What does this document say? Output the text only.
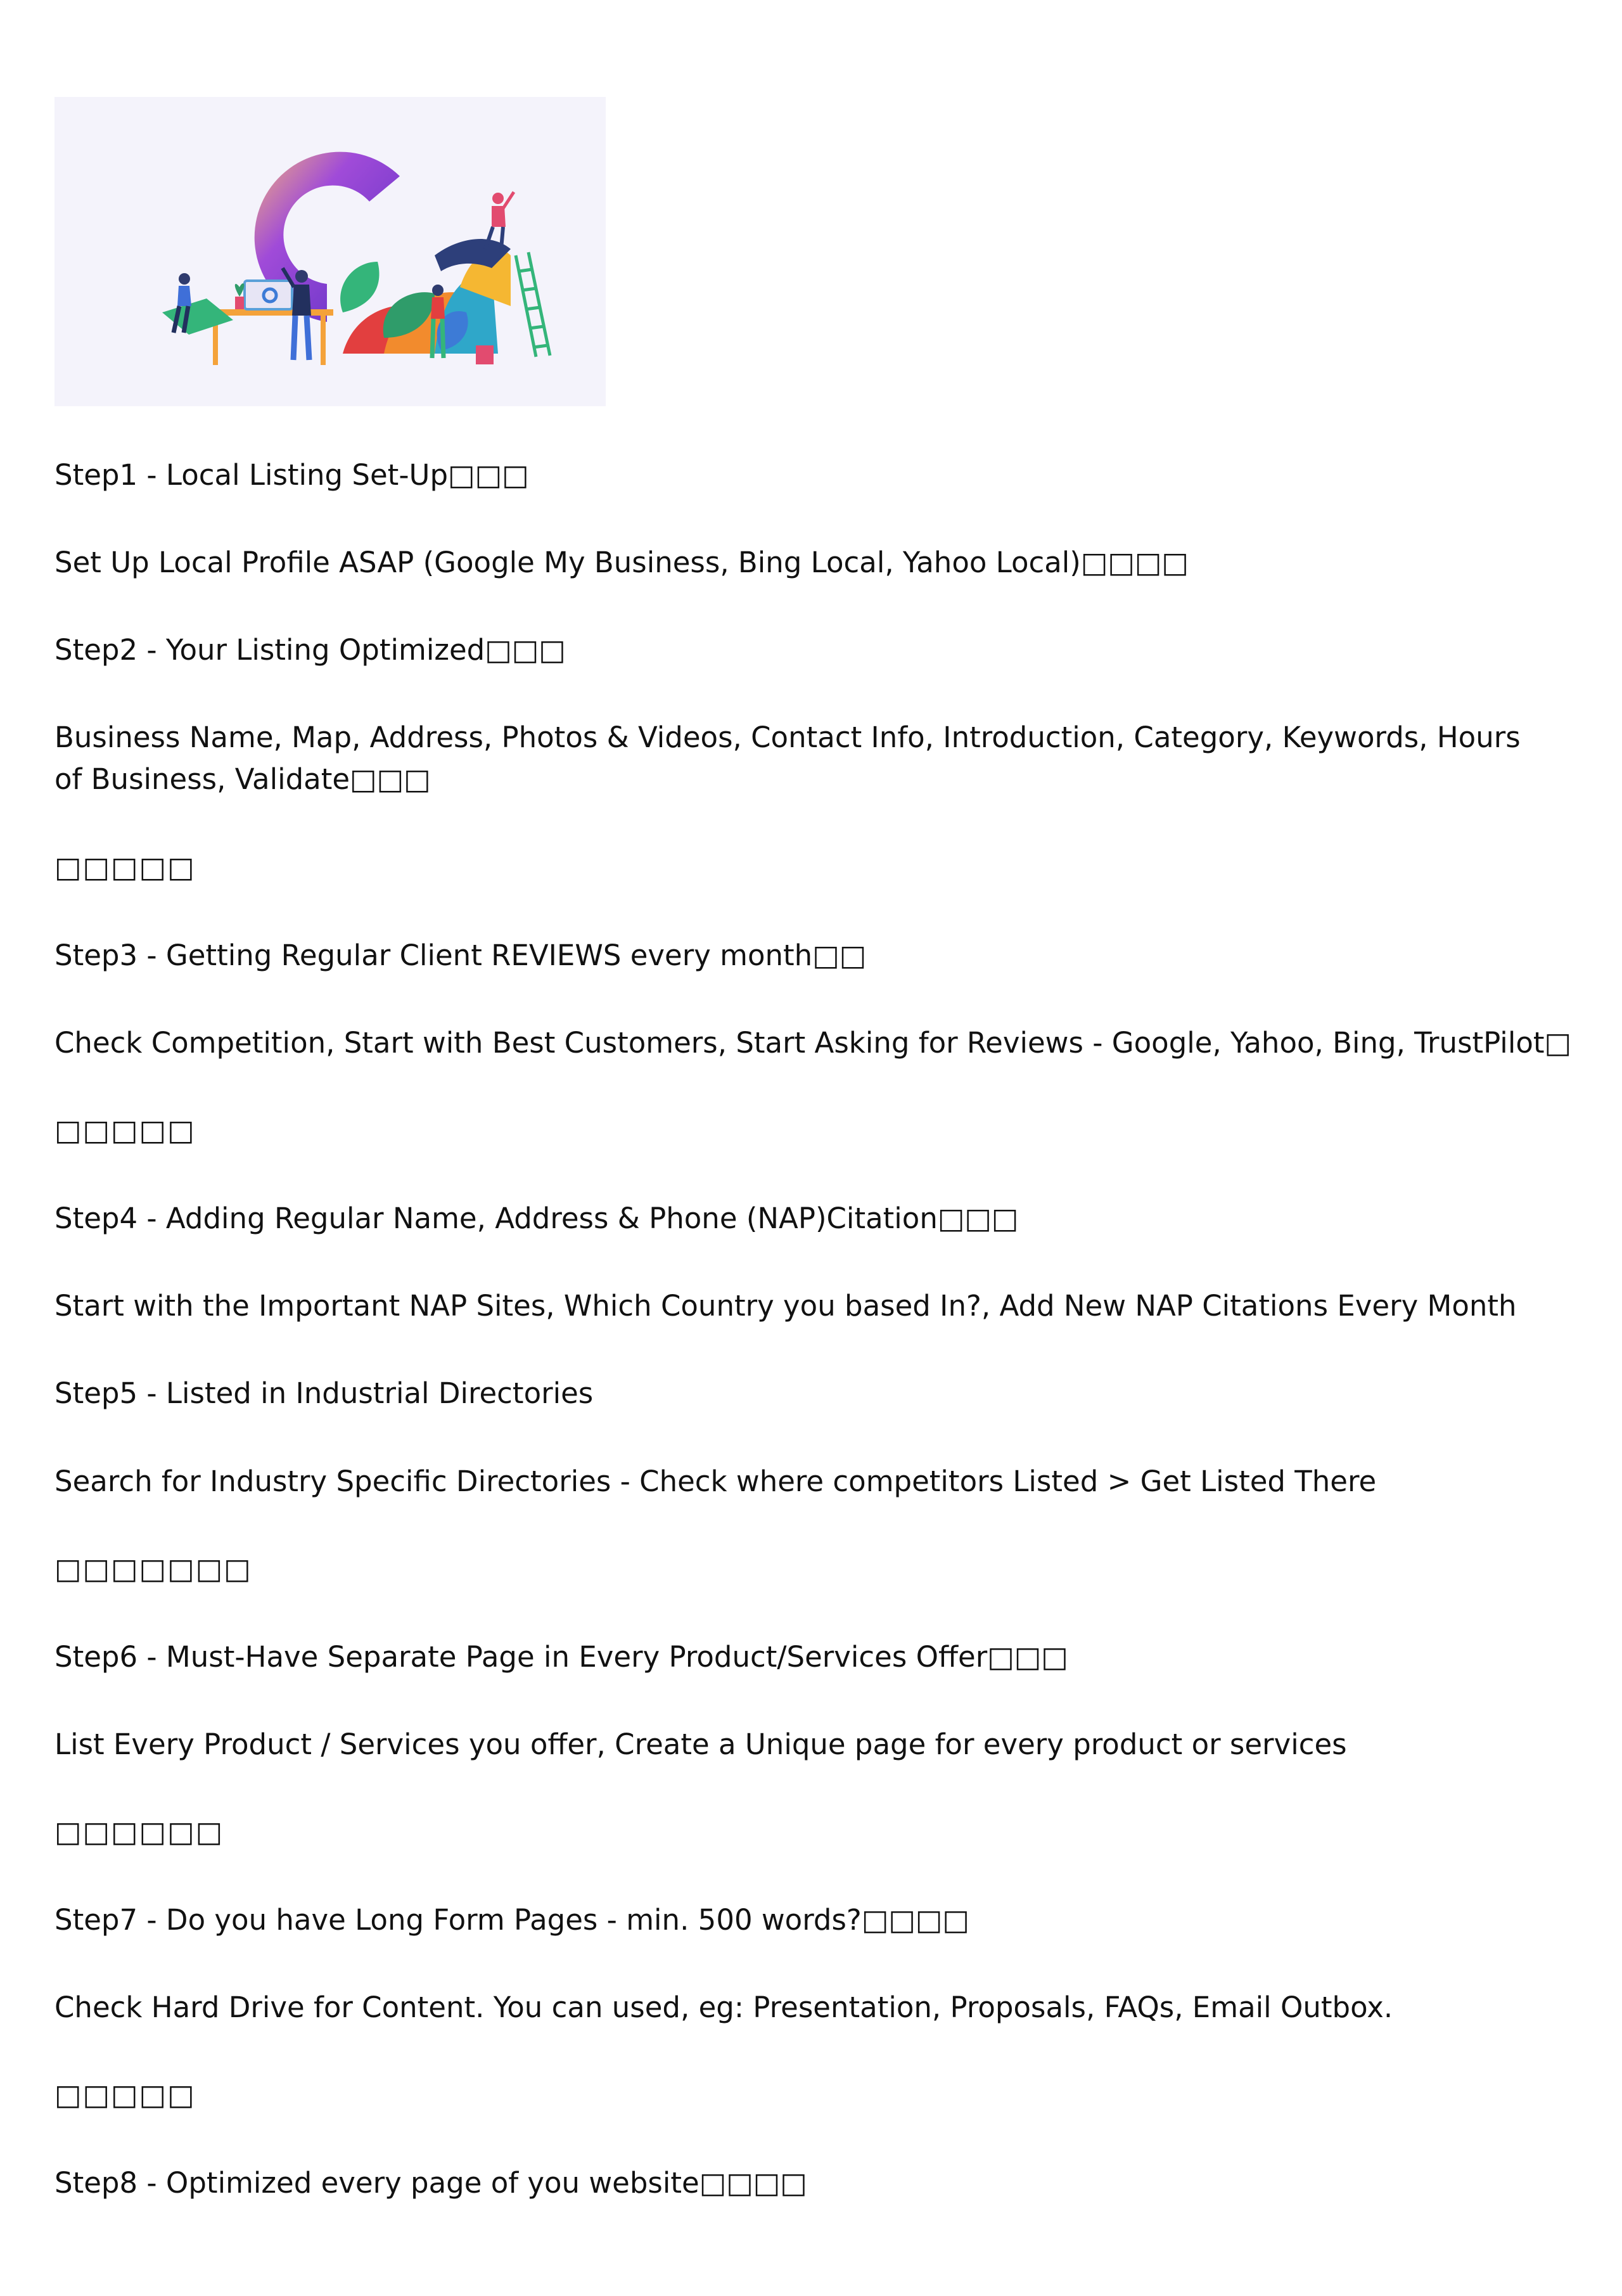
Step1 - Local Listing Set-Up□□□

Set Up Local Profile ASAP (Google My Business, Bing Local, Yahoo Local)□□□□

Step2 - Your Listing Optimized□□□

Business Name, Map, Address, Photos & Videos, Contact Info, Introduction, Category, Keywords, Hours of Business, Validate□□□

□□□□□

Step3 - Getting Regular Client REVIEWS every month□□

Check Competition, Start with Best Customers, Start Asking for Reviews - Google, Yahoo, Bing, TrustPilot□

□□□□□

Step4 - Adding Regular Name, Address & Phone (NAP)Citation□□□

Start with the Important NAP Sites, Which Country you based In?, Add New NAP Citations Every Month

Step5 - Listed in Industrial Directories

Search for Industry Specific Directories - Check where competitors Listed > Get Listed There

□□□□□□□

Step6 - Must-Have Separate Page in Every Product/Services Offer□□□

List Every Product / Services you offer, Create a Unique page for every product or services

□□□□□□

Step7 - Do you have Long Form Pages - min. 500 words?□□□□

Check Hard Drive for Content. You can used, eg: Presentation, Proposals, FAQs, Email Outbox.

□□□□□

Step8 - Optimized every page of you website□□□□
